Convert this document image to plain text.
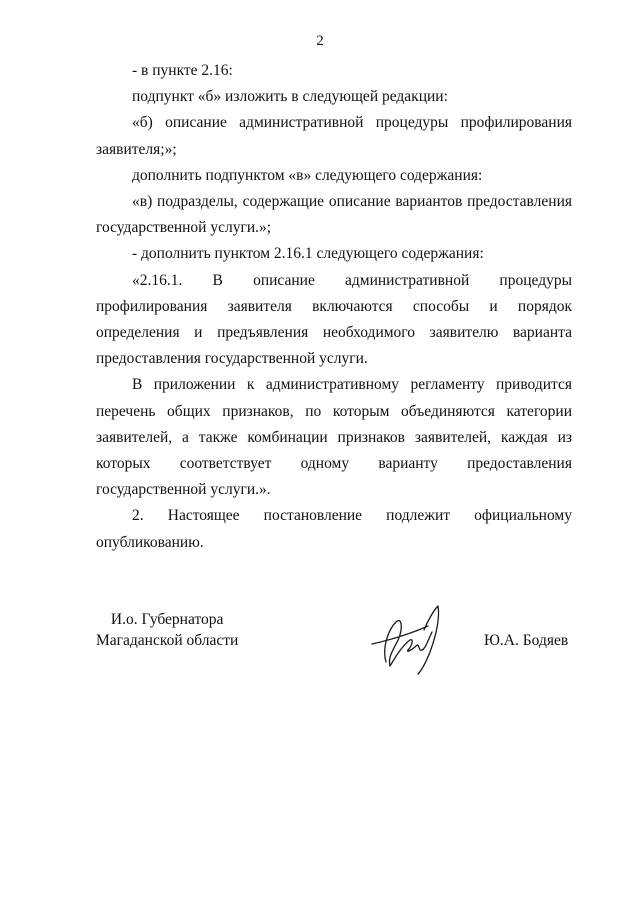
2

- в пункте 2.16:

подпункт «б» изложить в следующей редакции:

«б) описание административной процедуры профилирования заявителя;»;

дополнить подпунктом «в» следующего содержания:

«в) подразделы, содержащие описание вариантов предоставления государственной услуги.»;

- дополнить пунктом 2.16.1 следующего содержания:

«2.16.1. В описание административной процедуры профилирования заявителя включаются способы и порядок определения и предъявления необходимого заявителю варианта предоставления государственной услуги.

В приложении к административному регламенту приводится перечень общих признаков, по которым объединяются категории заявителей, а также комбинации признаков заявителей, каждая из которых соответствует одному варианту предоставления государственной услуги.».

2. Настоящее постановление подлежит официальному опубликованию.

И.о. Губернатора
Магаданской области	Ю.А. Бодяев
